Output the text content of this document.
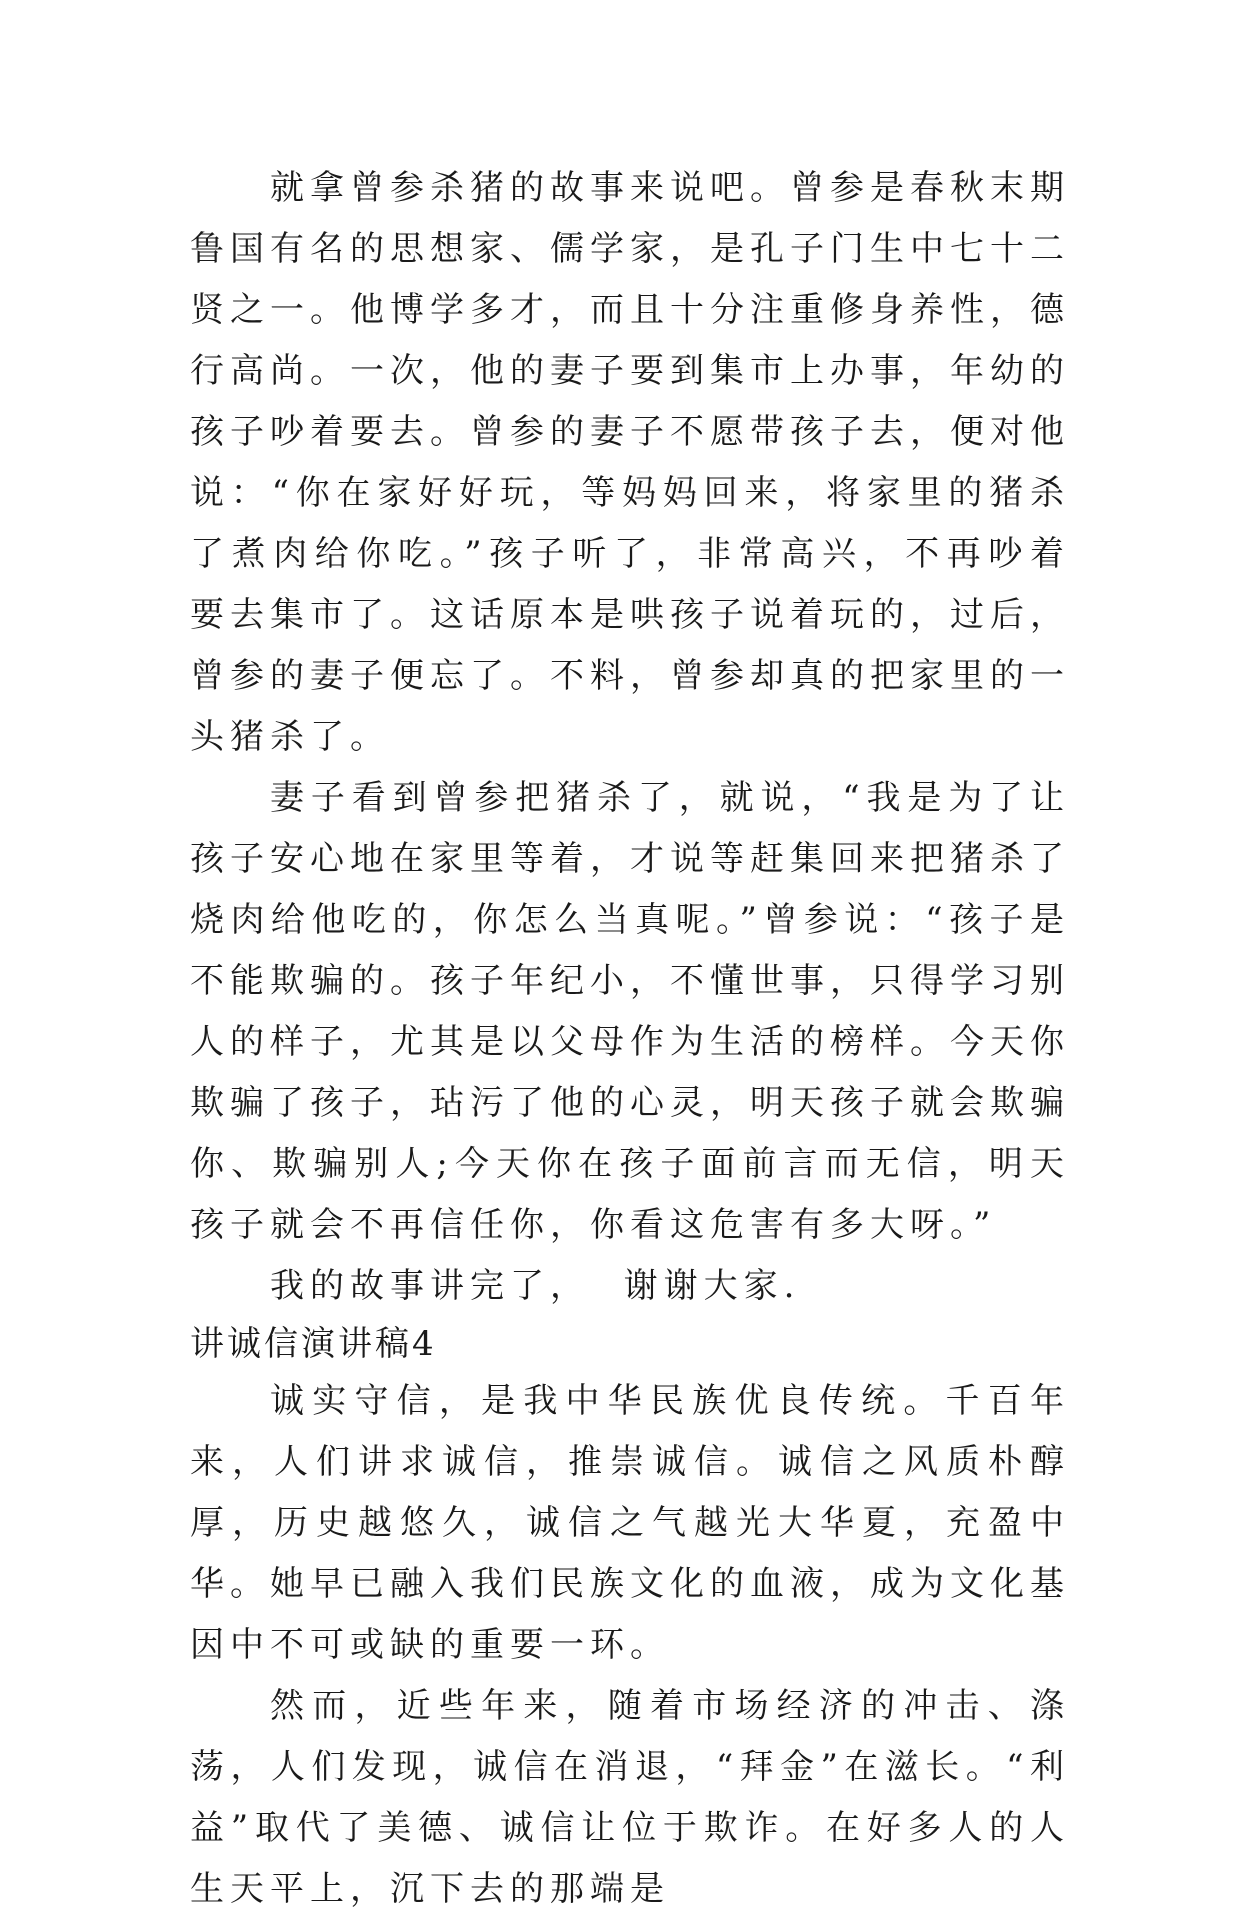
就拿曾参杀猪的故事来说吧。曾参是春秋末期鲁国有名的思想家、儒学家，是孔子门生中七十二贤之一。他博学多才，而且十分注重修身养性，德行高尚。一次，他的妻子要到集市上办事，年幼的孩子吵着要去。曾参的妻子不愿带孩子去，便对他说：“你在家好好玩，等妈妈回来，将家里的猪杀了煮肉给你吃。”孩子听了，非常高兴，不再吵着要去集市了。这话原本是哄孩子说着玩的，过后，曾参的妻子便忘了。不料，曾参却真的把家里的一头猪杀了。

妻子看到曾参把猪杀了，就说，“我是为了让孩子安心地在家里等着，才说等赶集回来把猪杀了烧肉给他吃的，你怎么当真呢。”曾参说：“孩子是不能欺骗的。孩子年纪小，不懂世事，只得学习别人的样子，尤其是以父母作为生活的榜样。今天你欺骗了孩子，玷污了他的心灵，明天孩子就会欺骗你、欺骗别人;今天你在孩子面前言而无信，明天孩子就会不再信任你，你看这危害有多大呀。”

我的故事讲完了，  谢谢大家.

讲诚信演讲稿4

诚实守信，是我中华民族优良传统。千百年来，人们讲求诚信，推崇诚信。诚信之风质朴醇厚，历史越悠久，诚信之气越光大华夏，充盈中华。她早已融入我们民族文化的血液，成为文化基因中不可或缺的重要一环。

然而，近些年来，随着市场经济的冲击、涤荡，人们发现，诚信在消退，“拜金”在滋长。“利益”取代了美德、诚信让位于欺诈。在好多人的人生天平上，沉下去的那端是
